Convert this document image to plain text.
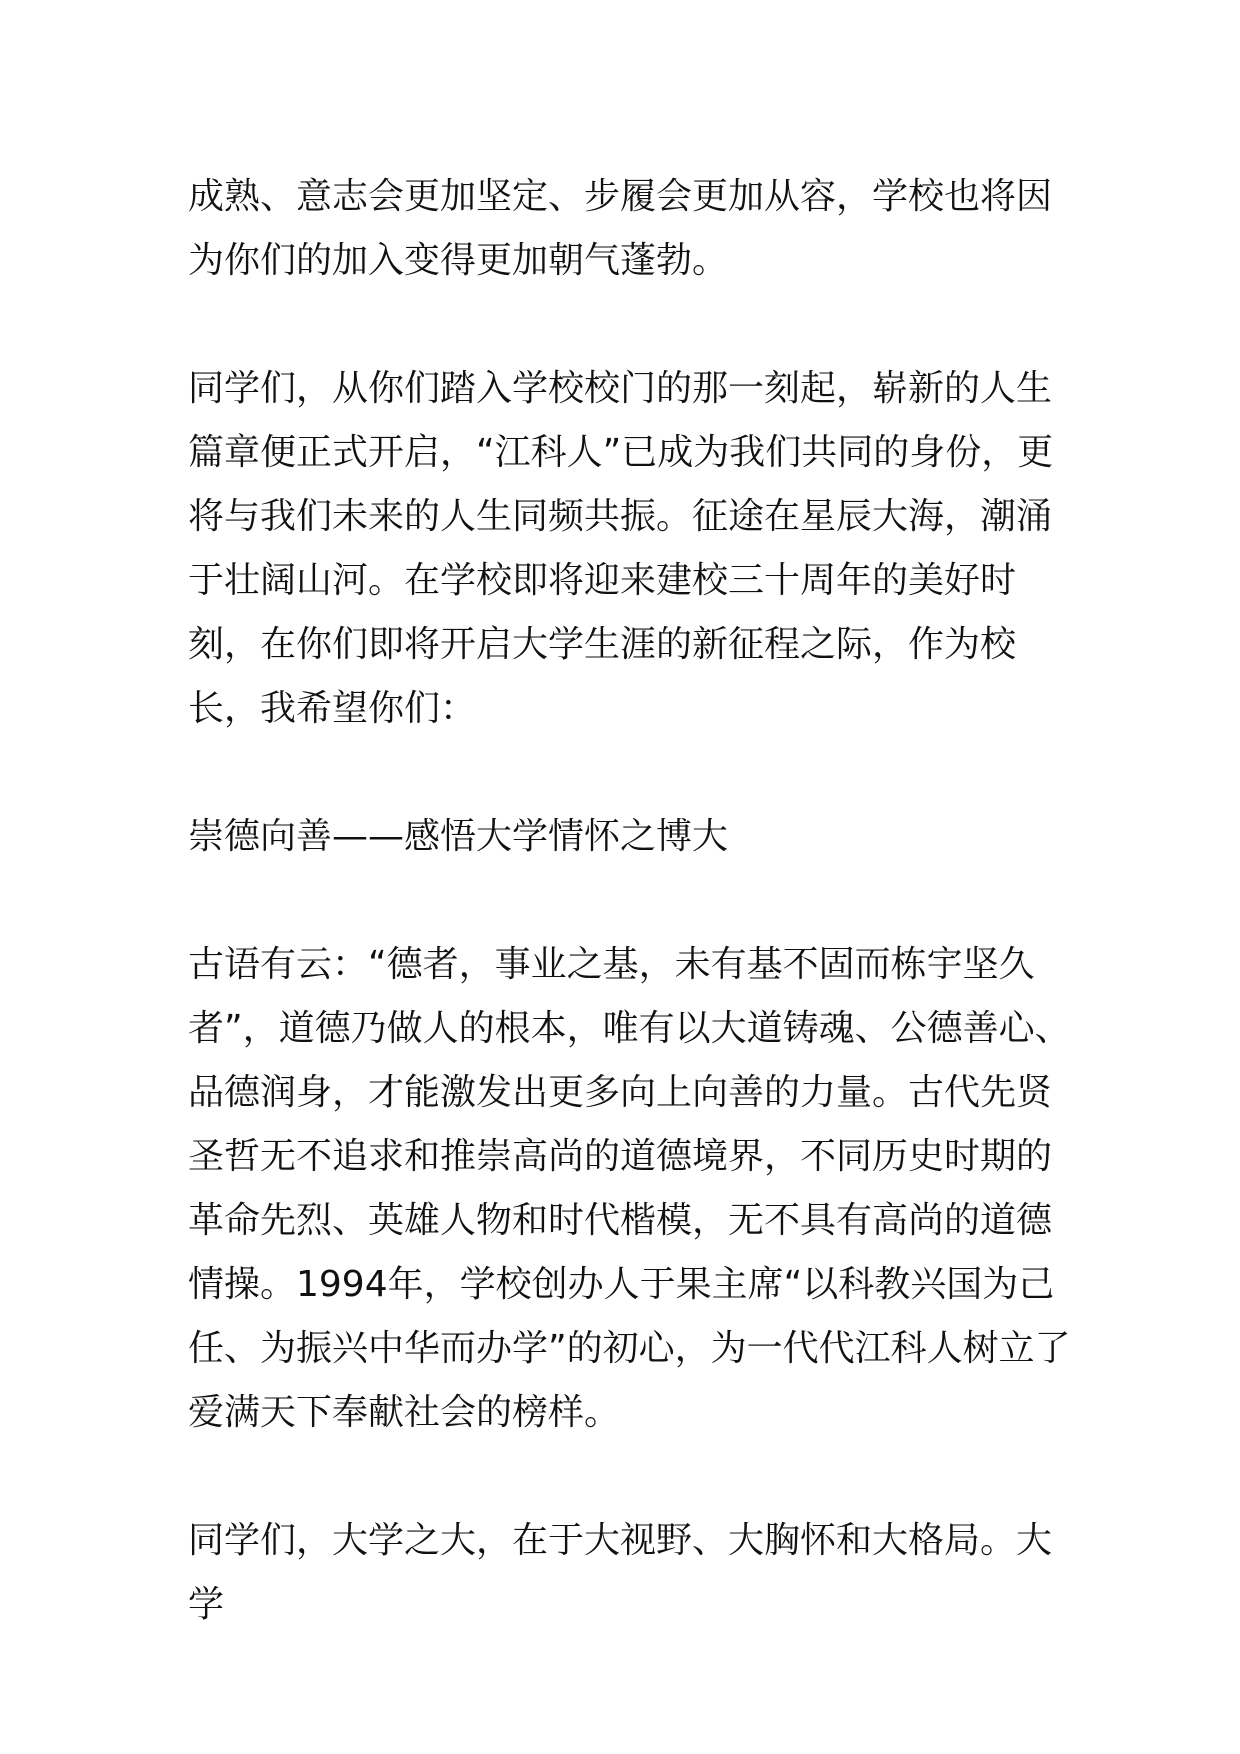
成熟、意志会更加坚定、步履会更加从容，学校也将因为你们的加入变得更加朝气蓬勃。

同学们，从你们踏入学校校门的那一刻起，崭新的人生篇章便正式开启，“江科人”已成为我们共同的身份，更将与我们未来的人生同频共振。征途在星辰大海，潮涌于壮阔山河。在学校即将迎来建校三十周年的美好时刻，在你们即将开启大学生涯的新征程之际，作为校长，我希望你们：

崇德向善——感悟大学情怀之博大

古语有云：“德者，事业之基，未有基不固而栋宇坚久者”，道德乃做人的根本，唯有以大道铸魂、公德善心、品德润身，才能激发出更多向上向善的力量。古代先贤圣哲无不追求和推崇高尚的道德境界，不同历史时期的革命先烈、英雄人物和时代楷模，无不具有高尚的道德情操。1994年，学校创办人于果主席“以科教兴国为己任、为振兴中华而办学”的初心，为一代代江科人树立了爱满天下奉献社会的榜样。

同学们，大学之大，在于大视野、大胸怀和大格局。大学
